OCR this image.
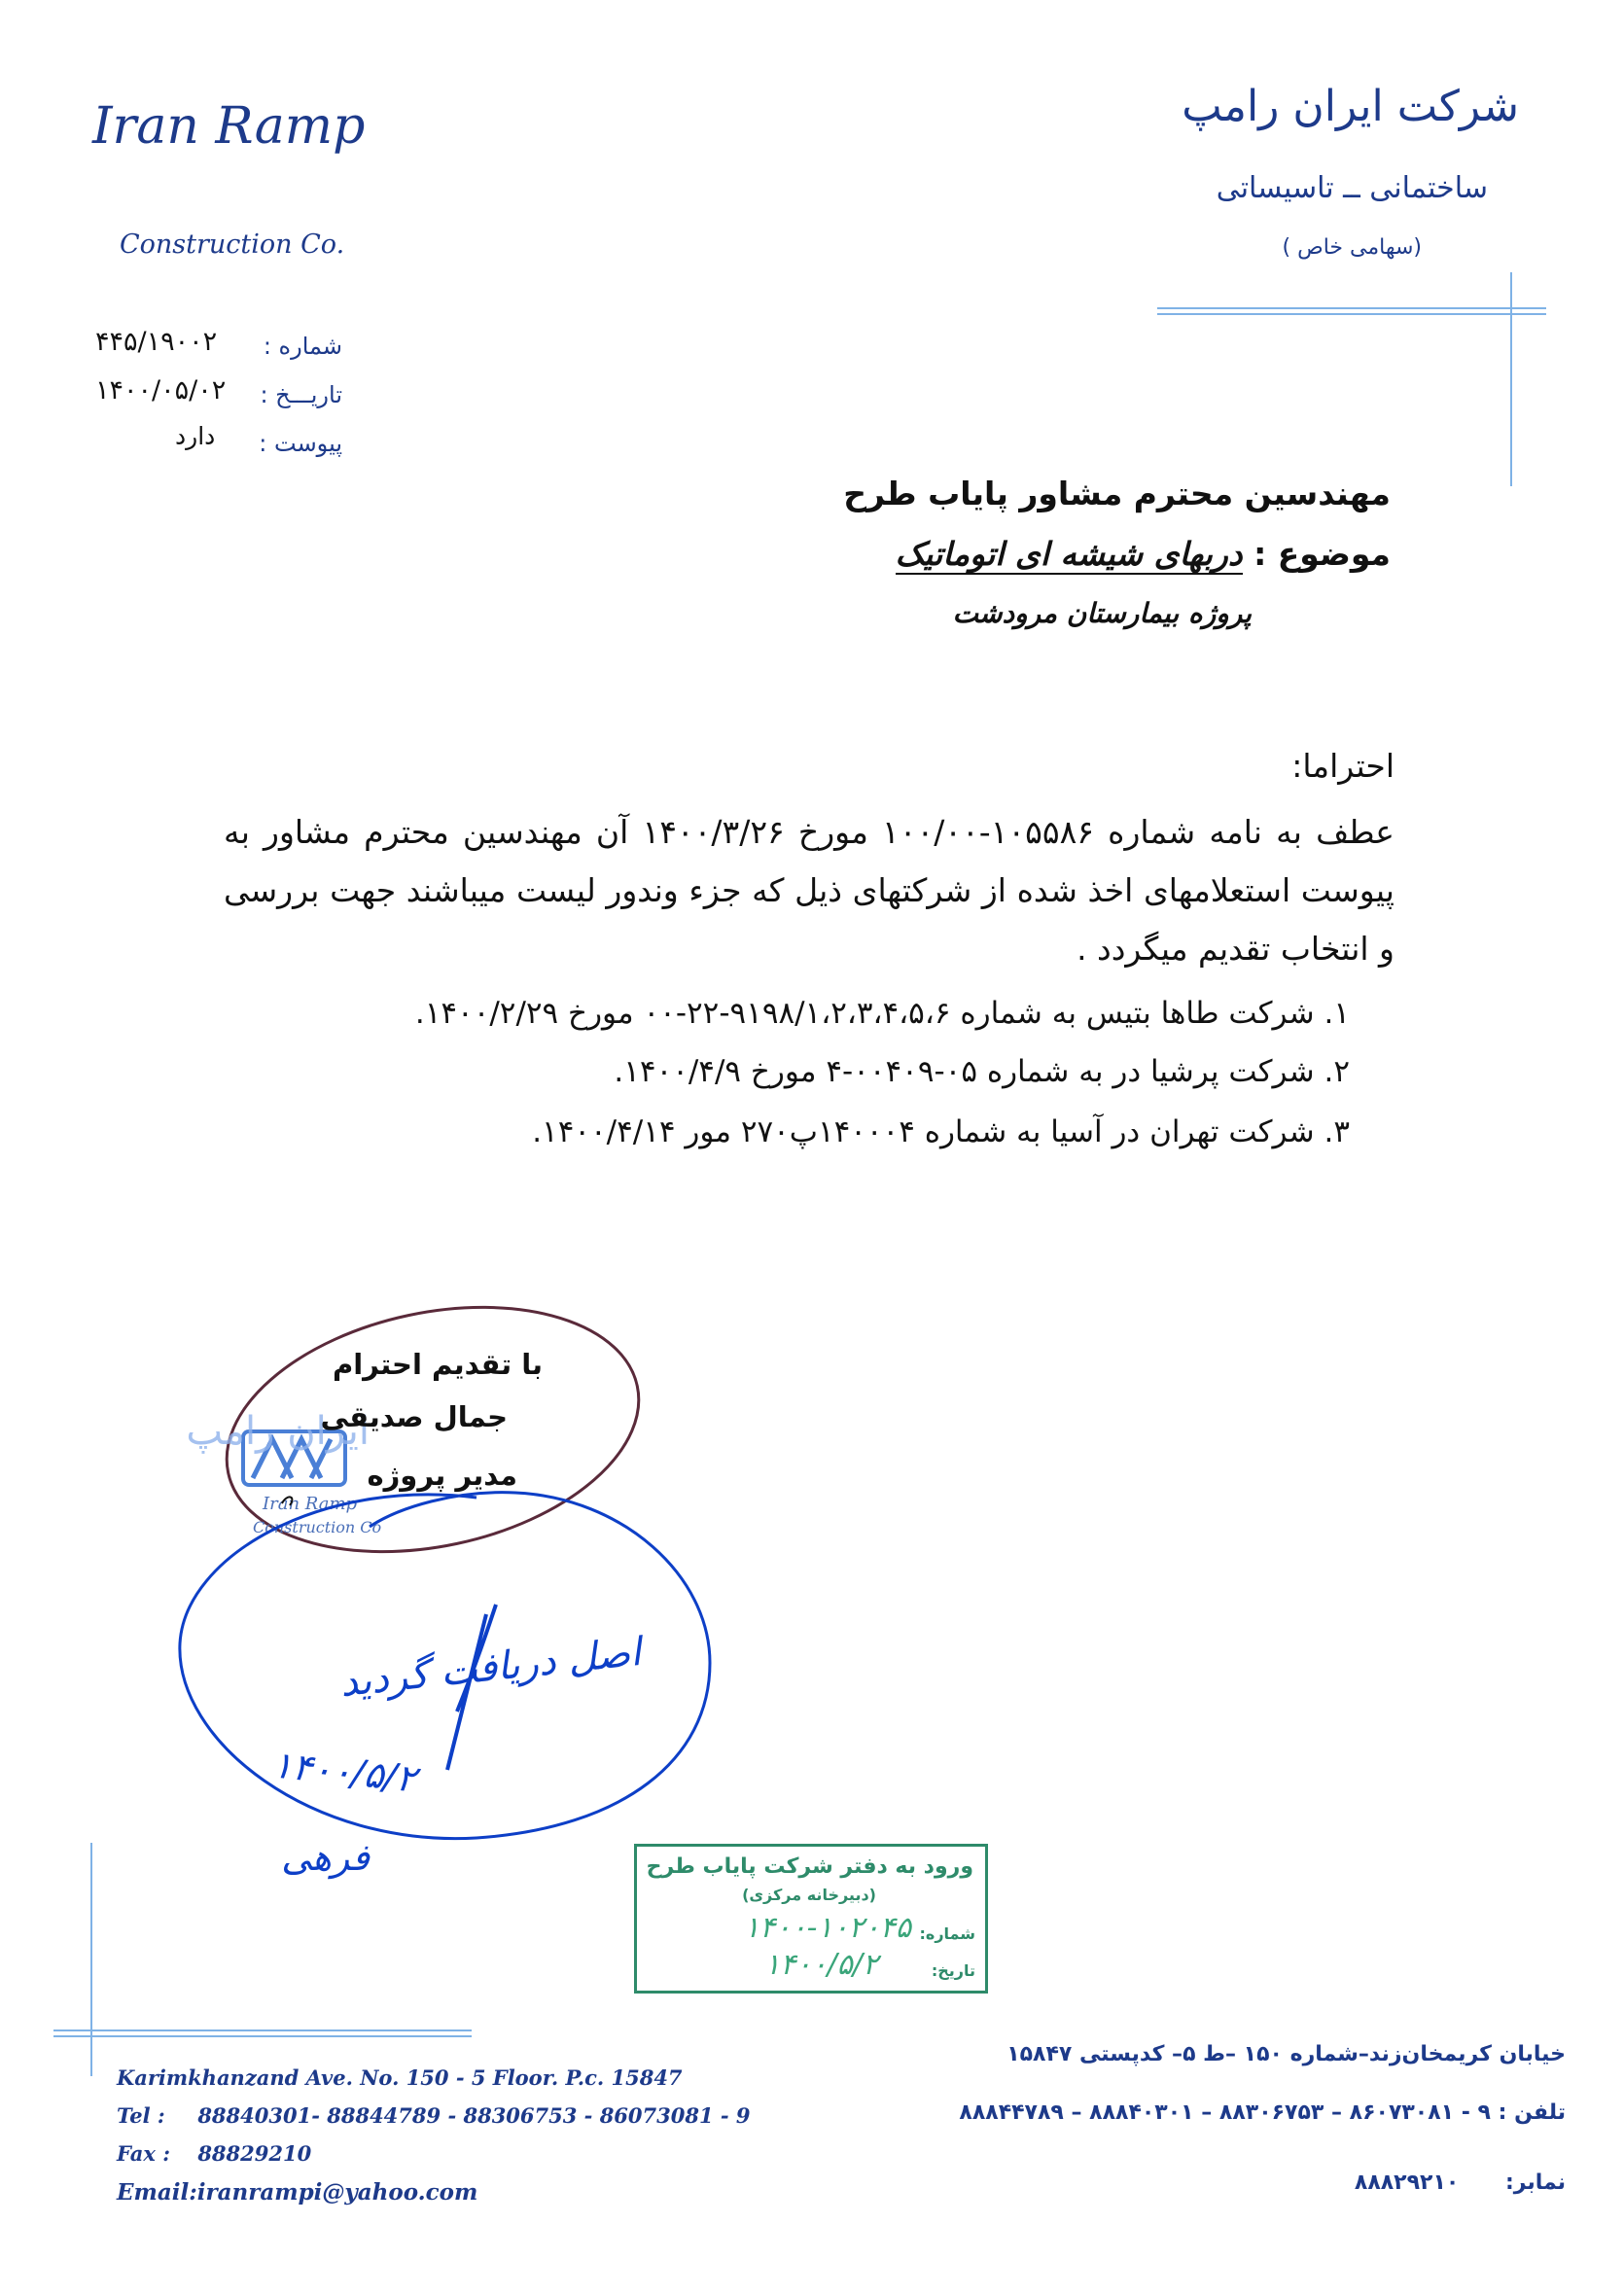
Iran Ramp
Construction Co.
شرکت ایران رامپ
ساختمانی ــ تاسیساتی
(سهامی خاص )
شماره :
۴۴۵/۱۹۰۰۲
تاریـــخ :
۱۴۰۰/۰۵/۰۲
پیوست :
دارد
مهندسین محترم مشاور پایاب طرح
موضوع : دربهای شیشه ای اتوماتیک
پروژه بیمارستان مرودشت
احتراما:
عطف به نامه شماره ۱۰۵۵۸۶-۱۰۰/۰۰ مورخ ۱۴۰۰/۳/۲۶ آن مهندسین محترم مشاور به پیوست استعلامهای اخذ شده از شرکتهای ذیل که جزء وندور لیست میباشند جهت بررسی و انتخاب تقدیم میگردد .
۱. شرکت طاها بتیس به شماره ۹۱۹۸/۱،۲،۳،۴،۵،۶-۲۲-۰۰ مورخ ۱۴۰۰/۲/۲۹.
۲. شرکت پرشیا در به شماره ۰۵-۰۰۴۰۹-۴ مورخ ۱۴۰۰/۴/۹.
۳. شرکت تهران در آسیا به شماره ۱۴۰۰۰۴پ۲۷۰ مور ۱۴۰۰/۴/۱۴.
ایران رامپ
Iran Ramp
Construction Co
با تقدیم احترام
جمال صدیقی
مدیر پروژه
اصل دریافت گردید
۱۴۰۰/۵/۲
فرهی	ورود به دفتر شرکت پایاب طرح
(دبیرخانه مرکزی)
شماره:
۱۴۰۰-۱۰۲۰۴۵
تاریخ:
۱۴۰۰/۵/۲
Karimkhanzand Ave. No. 150 - 5 Floor. P.c. 15847
Tel : 88840301- 88844789 - 88306753 - 86073081 - 9
Fax : 88829210
Email:iranrampi@yahoo.com
خیابان کریمخان‌زند–شماره ۱۵۰ –ط ۵– کدپستی ۱۵۸۴۷
تلفن : ۹ - ۸۶۰۷۳۰۸۱ – ۸۸۳۰۶۷۵۳ – ۸۸۸۴۰۳۰۱ – ۸۸۸۴۴۷۸۹
نمابر: ۸۸۸۲۹۲۱۰
